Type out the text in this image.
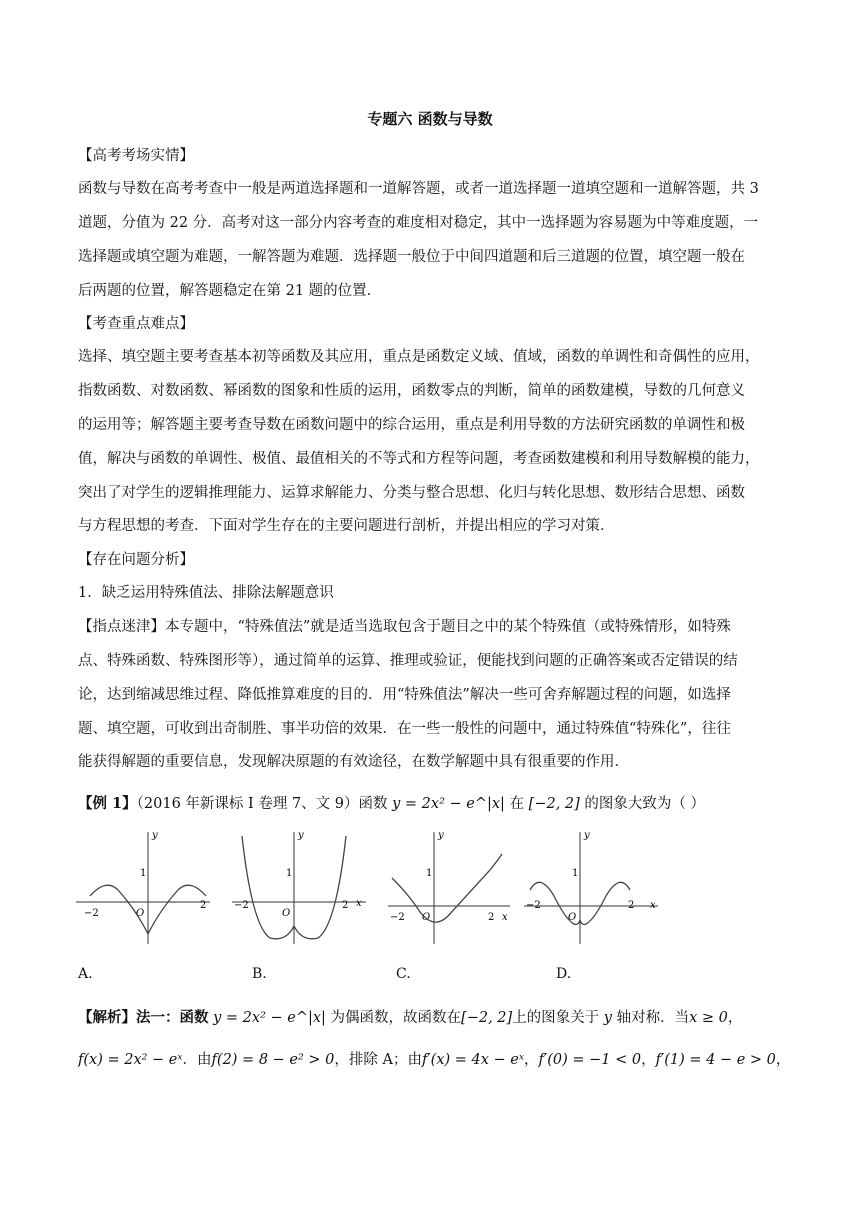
专题六 函数与导数
【高考考场实情】
函数与导数在高考考查中一般是两道选择题和一道解答题，或者一道选择题一道填空题和一道解答题，共 3
道题，分值为 22 分．高考对这一部分内容考查的难度相对稳定，其中一选择题为容易题为中等难度题，一
选择题或填空题为难题，一解答题为难题．选择题一般位于中间四道题和后三道题的位置，填空题一般在
后两题的位置，解答题稳定在第 21 题的位置．
【考查重点难点】
选择、填空题主要考查基本初等函数及其应用，重点是函数定义域、值域，函数的单调性和奇偶性的应用，
指数函数、对数函数、幂函数的图象和性质的运用，函数零点的判断，简单的函数建模，导数的几何意义
的运用等；解答题主要考查导数在函数问题中的综合运用，重点是利用导数的方法研究函数的单调性和极
值，解决与函数的单调性、极值、最值相关的不等式和方程等问题，考查函数建模和利用导数解模的能力，
突出了对学生的逻辑推理能力、运算求解能力、分类与整合思想、化归与转化思想、数形结合思想、函数
与方程思想的考查．下面对学生存在的主要问题进行剖析，并提出相应的学习对策．
【存在问题分析】
1．缺乏运用特殊值法、排除法解题意识
【指点迷津】本专题中，“特殊值法”就是适当选取包含于题目之中的某个特殊值（或特殊情形，如特殊
点、特殊函数、特殊图形等），通过简单的运算、推理或验证，便能找到问题的正确答案或否定错误的结
论，达到缩减思维过程、降低推算难度的目的．用“特殊值法”解决一些可舍弃解题过程的问题，如选择
题、填空题，可收到出奇制胜、事半功倍的效果．在一些一般性的问题中，通过特殊值“特殊化”，往往
能获得解题的重要信息，发现解决原题的有效途径，在数学解题中具有很重要的作用．
【例 1】（2016 年新课标 I 卷理 7、文 9）函数 y = 2x² − e^|x| 在 [−2, 2] 的图象大致为（ ）
y
1
O
−2
2
y
1
O
−2	2 x
y
1
O
−2	2 x
y
1
O
−2	2 x
A.	B.	C.	D.
【解析】法一：函数 y = 2x² − e^|x| 为偶函数，故函数在[−2, 2]上的图象关于 y 轴对称．当x ≥ 0，
f(x) = 2x² − eˣ．由f(2) = 8 − e² > 0，排除 A；由f′(x) = 4x − eˣ，f′(0) = −1 < 0，f′(1) = 4 − e > 0，
